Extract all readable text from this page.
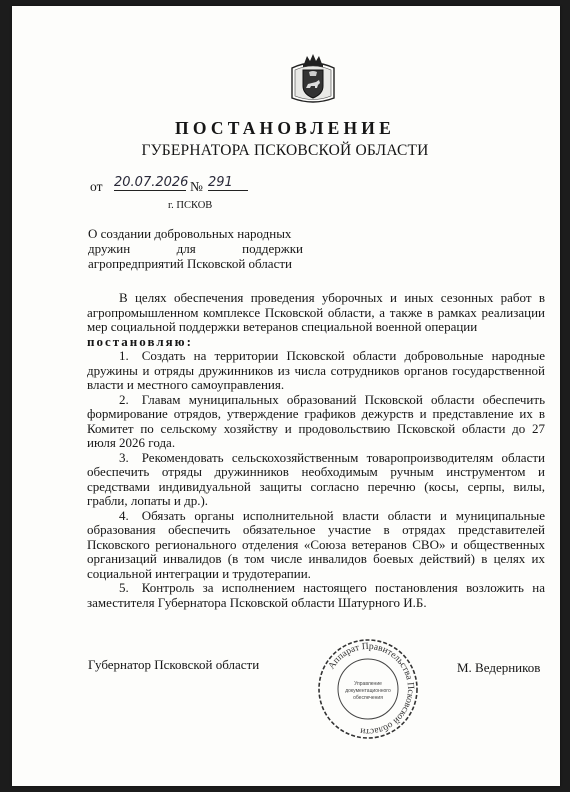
ПОСТАНОВЛЕНИЕ
ГУБЕРНАТОРА ПСКОВСКОЙ ОБЛАСТИ
от 20.07.2026 № 291
г. ПСКОВ
О создании добровольных народных
дружин для поддержки
агропредприятий Псковской области

В целях обеспечения проведения уборочных и иных сезонных работ в агропромышленном комплексе Псковской области, а также в рамках реализации мер социальной поддержки ветеранов специальной военной операции

постановляю:

1. Создать на территории Псковской области добровольные народные дружины и отряды дружинников из числа сотрудников органов государственной власти и местного самоуправления.

2. Главам муниципальных образований Псковской области обеспечить формирование отрядов, утверждение графиков дежурств и представление их в Комитет по сельскому хозяйству и продовольствию Псковской области до 27 июля 2026 года.

3. Рекомендовать сельскохозяйственным товаропроизводителям области обеспечить отряды дружинников необходимым ручным инструментом и средствами индивидуальной защиты согласно перечню (косы, серпы, вилы, грабли, лопаты и др.).

4. Обязать органы исполнительной власти области и муниципальные образования обеспечить обязательное участие в отрядах представителей Псковского регионального отделения «Союза ветеранов СВО» и общественных организаций инвалидов (в том числе инвалидов боевых действий) в целях их социальной интеграции и трудотерапии.

5. Контроль за исполнением настоящего постановления возложить на заместителя Губернатора Псковской области Шатурного И.Б.

Губернатор Псковской области	М. Ведерников
Аппарат Правительства Псковской области
Управление
документационного
обеспечения
